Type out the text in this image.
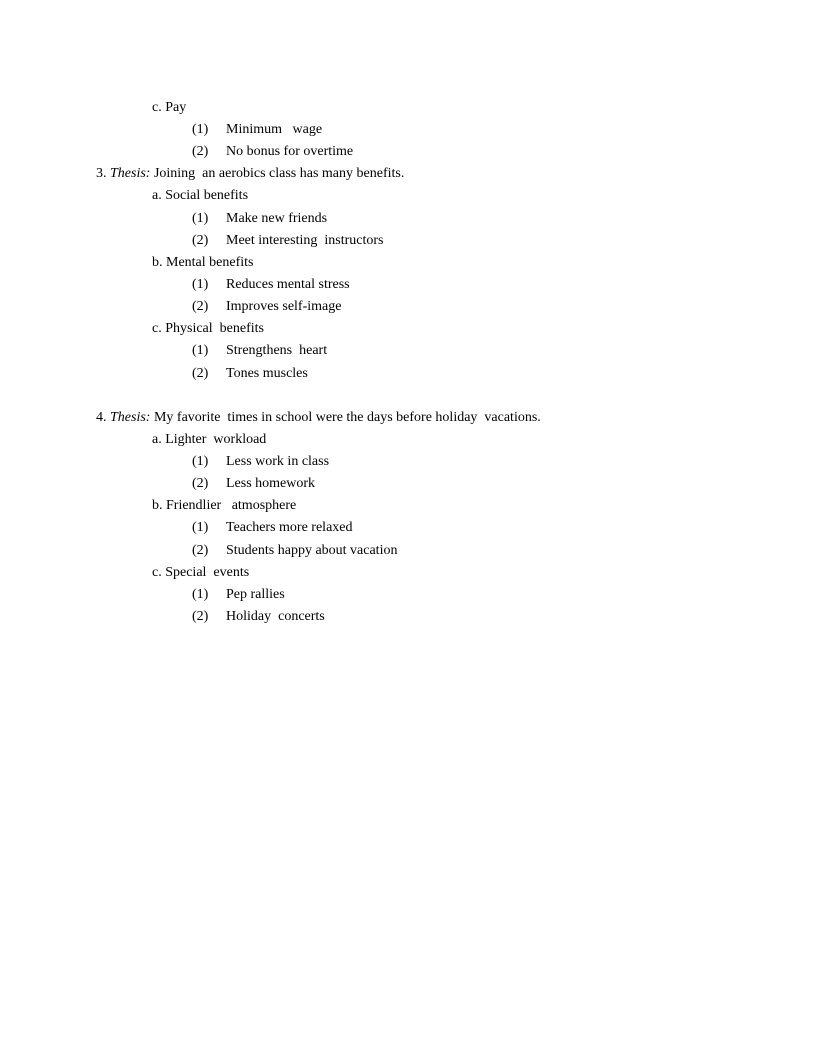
c. Pay
(1) Minimum   wage
(2) No bonus for overtime
3. Thesis: Joining  an aerobics class has many benefits.
a. Social benefits
(1) Make new friends
(2) Meet interesting  instructors
b. Mental benefits
(1) Reduces mental stress
(2) Improves self-image
c. Physical  benefits
(1) Strengthens  heart
(2) Tones muscles
4. Thesis: My favorite  times in school were the days before holiday  vacations.
a. Lighter  workload
(1) Less work in class
(2) Less homework
b. Friendlier   atmosphere
(1) Teachers more relaxed
(2) Students happy about vacation
c. Special  events
(1) Pep rallies
(2) Holiday  concerts
